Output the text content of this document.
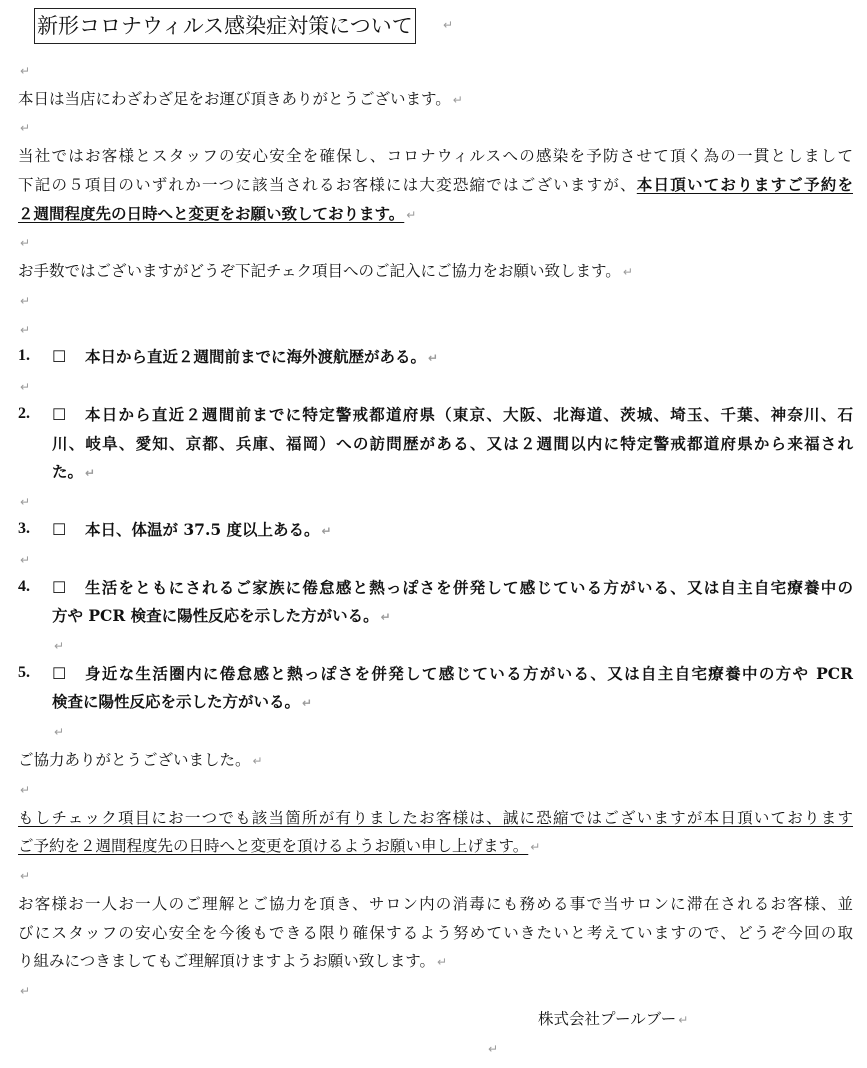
新形コロナウィルス感染症対策について	↵
↵
本日は当店にわざわざ足をお運び頂きありがとうございます。 ↵
↵
当社ではお客様とスタッフの安心安全を確保し、コロナウィルスへの感染を予防させて頂く為の一貫としまして
下記の５項目のいずれか一つに該当されるお客様には大変恐縮ではございますが、本日頂いておりますご予約を
２週間程度先の日時へと変更をお願い致しております。 ↵
↵
お手数ではございますがどうぞ下記チェク項目へのご記入にご協力をお願い致します。 ↵
↵
↵
1. ☐ 本日から直近２週間前までに海外渡航歴がある。 ↵
↵
2. ☐ 本日から直近２週間前までに特定警戒都道府県（東京、大阪、北海道、茨城、埼玉、千葉、神奈川、石
川、岐阜、愛知、京都、兵庫、福岡）への訪問歴がある、又は２週間以内に特定警戒都道府県から来福され
た。 ↵
↵
3. ☐ 本日、体温が 37.5 度以上ある。 ↵
↵
4. ☐ 生活をともにされるご家族に倦怠感と熱っぽさを併発して感じている方がいる、又は自主自宅療養中の
方や PCR 検査に陽性反応を示した方がいる。 ↵
↵
5. ☐ 身近な生活圏内に倦怠感と熱っぽさを併発して感じている方がいる、又は自主自宅療養中の方や PCR
検査に陽性反応を示した方がいる。 ↵
↵
ご協力ありがとうございました。 ↵
↵
もしチェック項目にお一つでも該当箇所が有りましたお客様は、誠に恐縮ではございますが本日頂いております
ご予約を２週間程度先の日時へと変更を頂けるようお願い申し上げます。 ↵
↵
お客様お一人お一人のご理解とご協力を頂き、サロン内の消毒にも務める事で当サロンに滞在されるお客様、並
びにスタッフの安心安全を今後もできる限り確保するよう努めていきたいと考えていますので、どうぞ今回の取
り組みにつきましてもご理解頂けますようお願い致します。 ↵
↵
株式会社プールブー ↵
↵
